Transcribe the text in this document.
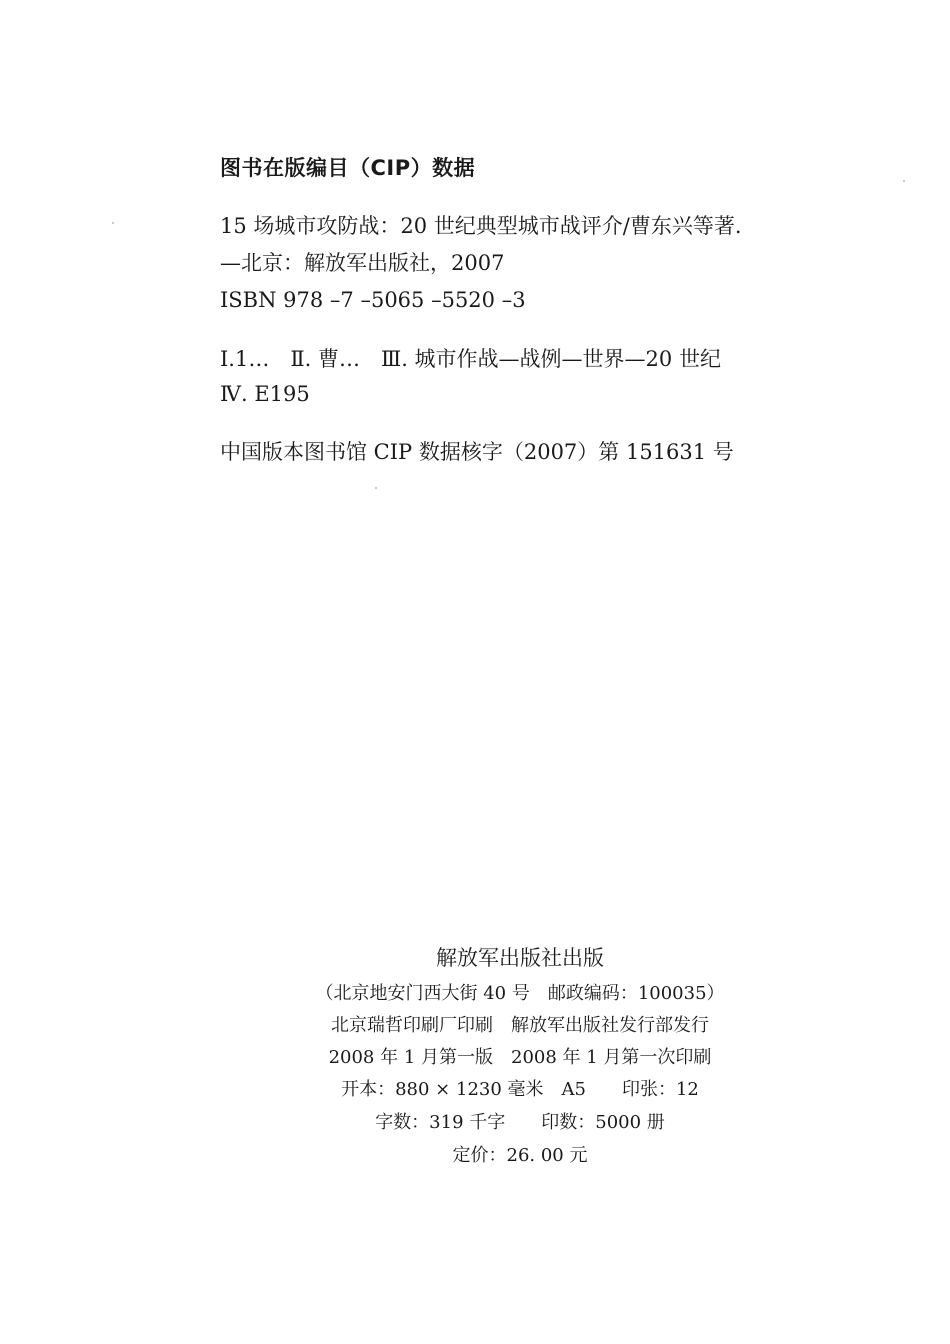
图书在版编目（CIP）数据
15 场城市攻防战：20 世纪典型城市战评介/曹东兴等著.
—北京：解放军出版社，2007
ISBN 978 –7 –5065 –5520 –3
Ⅰ.1…　Ⅱ. 曹…　Ⅲ. 城市作战—战例—世界—20 世纪
Ⅳ. E195
中国版本图书馆 CIP 数据核字（2007）第 151631 号
解放军出版社出版
（北京地安门西大街 40 号　邮政编码：100035）
北京瑞哲印刷厂印刷　解放军出版社发行部发行
2008 年 1 月第一版　2008 年 1 月第一次印刷
开本：880 × 1230 毫米　A5　　印张：12
字数：319 千字　　印数：5000 册
定价：26. 00 元
